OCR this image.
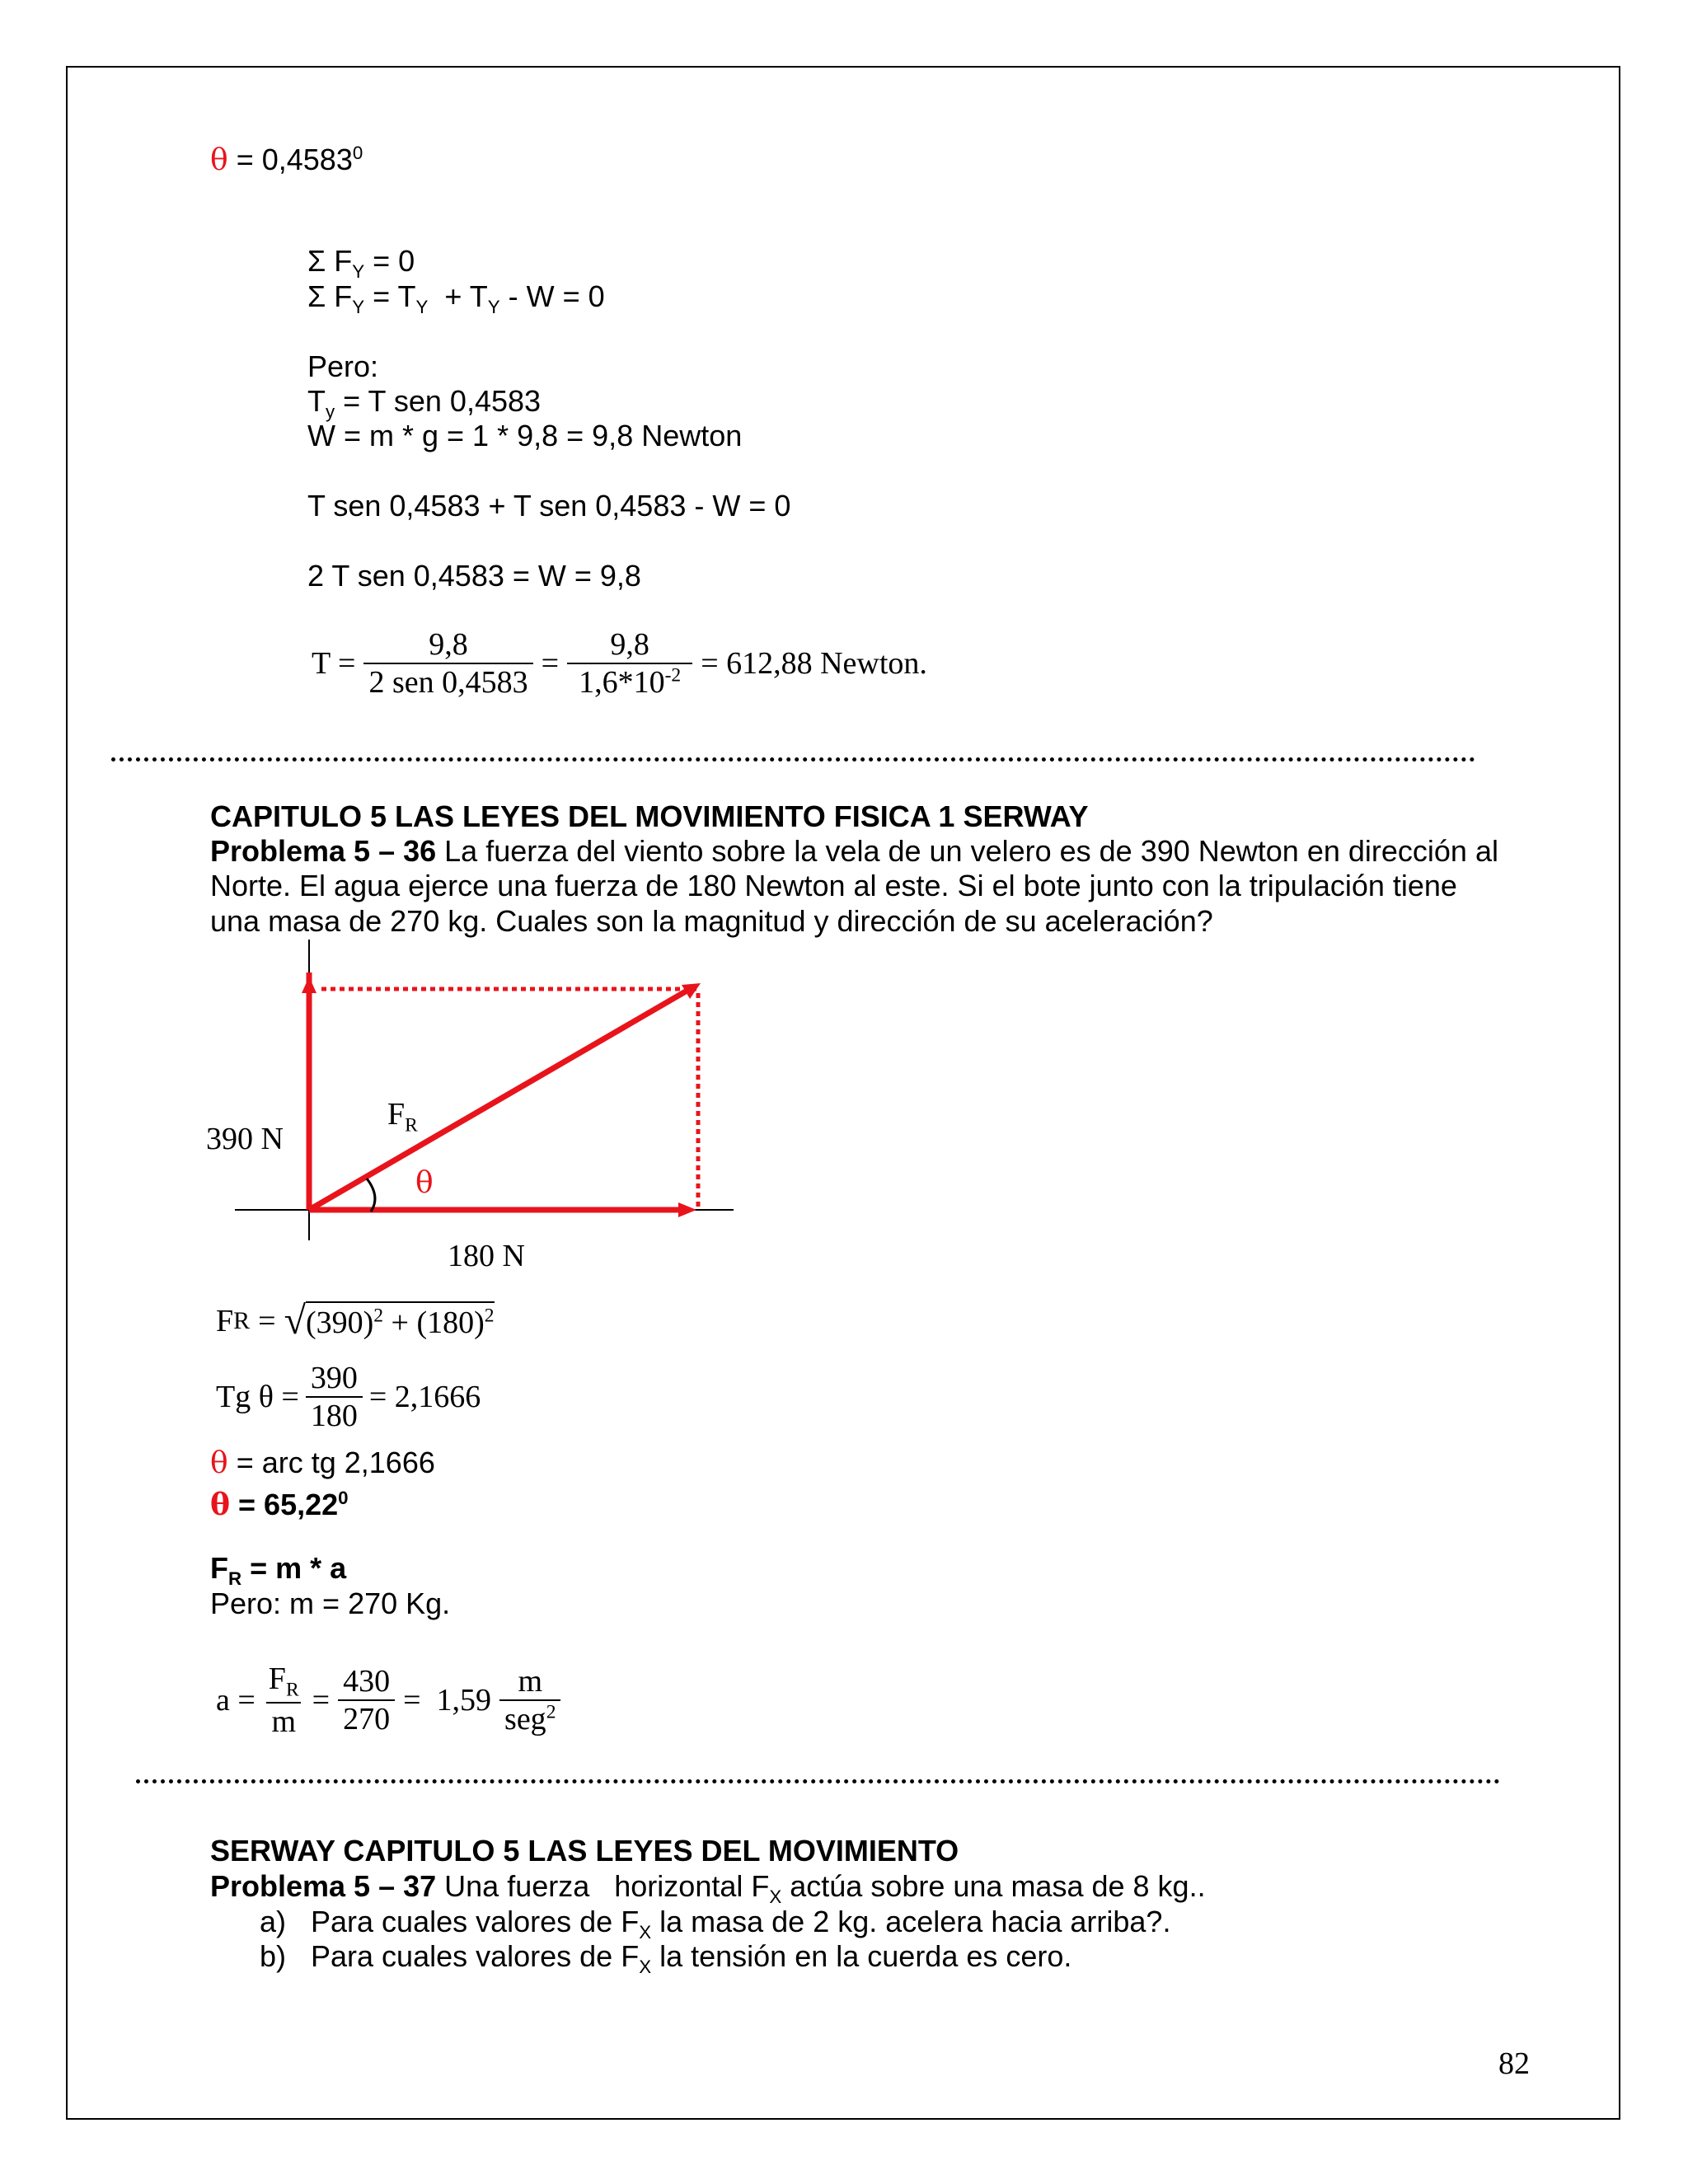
$\theta = 0,4583^0$
Σ $F_Y = 0$
Σ $F_Y = T_Y + T_Y - W = 0$
Pero:
$T_y = T$ sen 0,4583
W = m * g = 1 * 9,8 = 9,8 Newton
T sen 0,4583 + T sen 0,4583 - W = 0
2 T sen 0,4583 = W = 9,8
$T = \frac{9,8}{\text{2 sen 0,4583}} = \frac{9,8}{1,6*10^{-2}} = 612,88$ Newton.
CAPITULO 5 LAS LEYES DEL MOVIMIENTO FISICA 1 SERWAY
Problema 5 – 36 La fuerza del viento sobre la vela de un velero es de 390 Newton en dirección al
Norte. El agua ejerce una fuerza de 180 Newton al este. Si el bote junto con la tripulación tiene
una masa de 270 kg. Cuales son la magnitud y dirección de su aceleración?
390 N
$F_R$
θ
180 N
F R = √ $(390)^2 + (180)^2$
Tg $\theta = \frac{390}{180} = 2,1666$
θ = arc tg 2,1666
$\theta = 65,22^0$
$F_R = m * a$
Pero: m = 270 Kg.
$a = \frac{F_R}{m} = \frac{430}{270} = 1,59 \frac{m}{seg^2}$
SERWAY CAPITULO 5 LAS LEYES DEL MOVIMIENTO
Problema 5 – 37 Una fuerza   horizontal $F_X$ actúa sobre una masa de 8 kg..
a) Para cuales valores de $F_X$ la masa de 2 kg. acelera hacia arriba?.
b) Para cuales valores de $F_X$ la tensión en la cuerda es cero.
82
